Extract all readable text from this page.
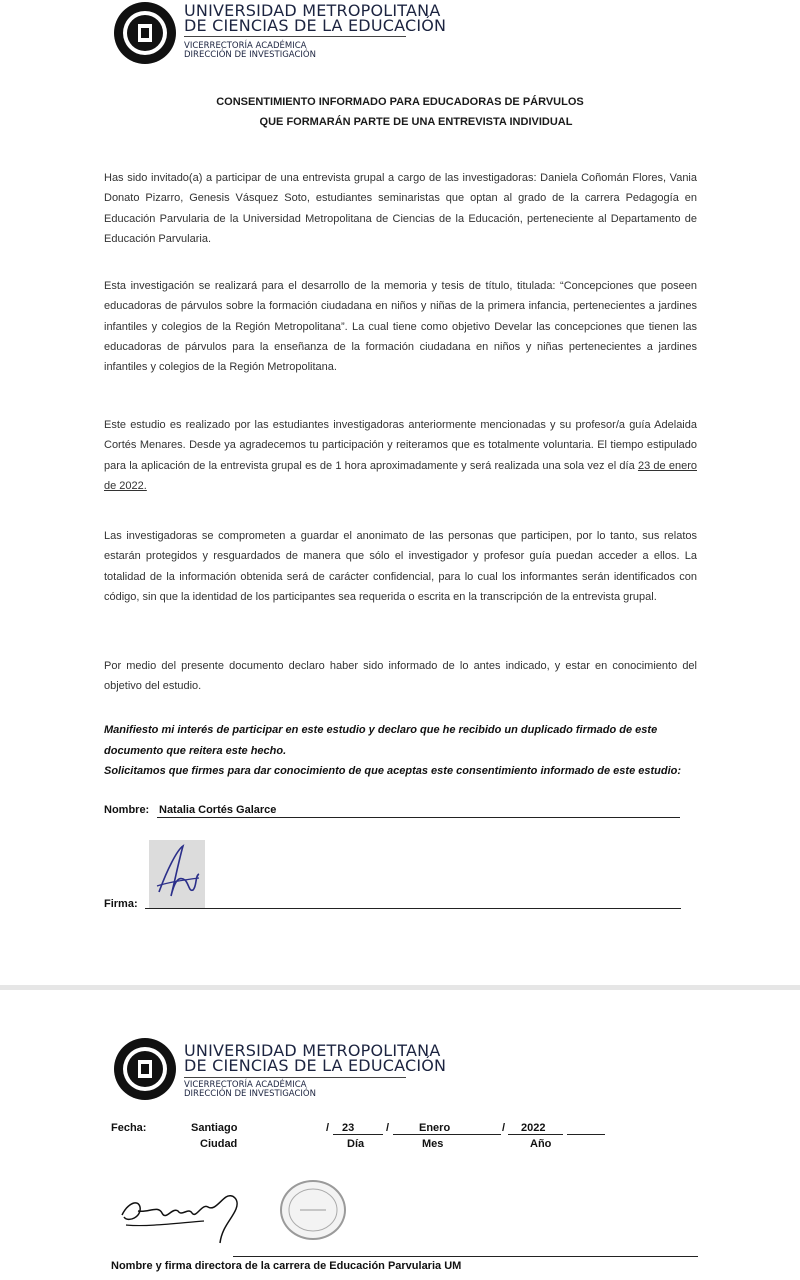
UNIVERSIDAD METROPOLITANA
DE CIENCIAS DE LA EDUCACIÓN
VICERRECTORÍA ACADÉMICA
DIRECCIÓN DE INVESTIGACIÓN
CONSENTIMIENTO INFORMADO PARA EDUCADORAS DE PÁRVULOS
QUE FORMARÁN PARTE DE UNA ENTREVISTA INDIVIDUAL
Has sido invitado(a) a participar de una entrevista grupal a cargo de las investigadoras: Daniela Coñomán Flores, Vania Donato Pizarro, Genesis Vásquez Soto, estudiantes seminaristas que optan al grado de la carrera Pedagogía en Educación Parvularia de la Universidad Metropolitana de Ciencias de la Educación, perteneciente al Departamento de Educación Parvularia.
Esta investigación se realizará para el desarrollo de la memoria y tesis de título, titulada: “Concepciones que poseen educadoras de párvulos sobre la formación ciudadana en niños y niñas de la primera infancia, pertenecientes a jardines infantiles y colegios de la Región Metropolitana”. La cual tiene como objetivo Develar las concepciones que tienen las educadoras de párvulos para la enseñanza de la formación ciudadana en niños y niñas pertenecientes a jardines infantiles y colegios de la Región Metropolitana.
Este estudio es realizado por las estudiantes investigadoras anteriormente mencionadas y su profesor/a guía Adelaida Cortés Menares. Desde ya agradecemos tu participación y reiteramos que es totalmente voluntaria. El tiempo estipulado para la aplicación de la entrevista grupal es de 1 hora aproximadamente y será realizada una sola vez el día 23 de enero de 2022.
Las investigadoras se comprometen a guardar el anonimato de las personas que participen, por lo tanto, sus relatos estarán protegidos y resguardados de manera que sólo el investigador y profesor guía puedan acceder a ellos. La totalidad de la información obtenida será de carácter confidencial, para lo cual los informantes serán identificados con código, sin que la identidad de los participantes sea requerida o escrita en la transcripción de la entrevista grupal.
Por medio del presente documento declaro haber sido informado de lo antes indicado, y estar en conocimiento del objetivo del estudio.
Manifiesto mi interés de participar en este estudio y declaro que he recibido un duplicado firmado de este documento que reitera este hecho.
Solicitamos que firmes para dar conocimiento de que aceptas este consentimiento informado de este estudio:
Nombre: Natalia Cortés Galarce
Firma:
UNIVERSIDAD METROPOLITANA
DE CIENCIAS DE LA EDUCACIÓN
VICERRECTORÍA ACADÉMICA
DIRECCIÓN DE INVESTIGACIÓN
Fecha:	Santiago
Ciudad
/ 23
Día
/	Enero
Mes
/ 2022
Año
Nombre y firma directora de la carrera de Educación Parvularia UM
